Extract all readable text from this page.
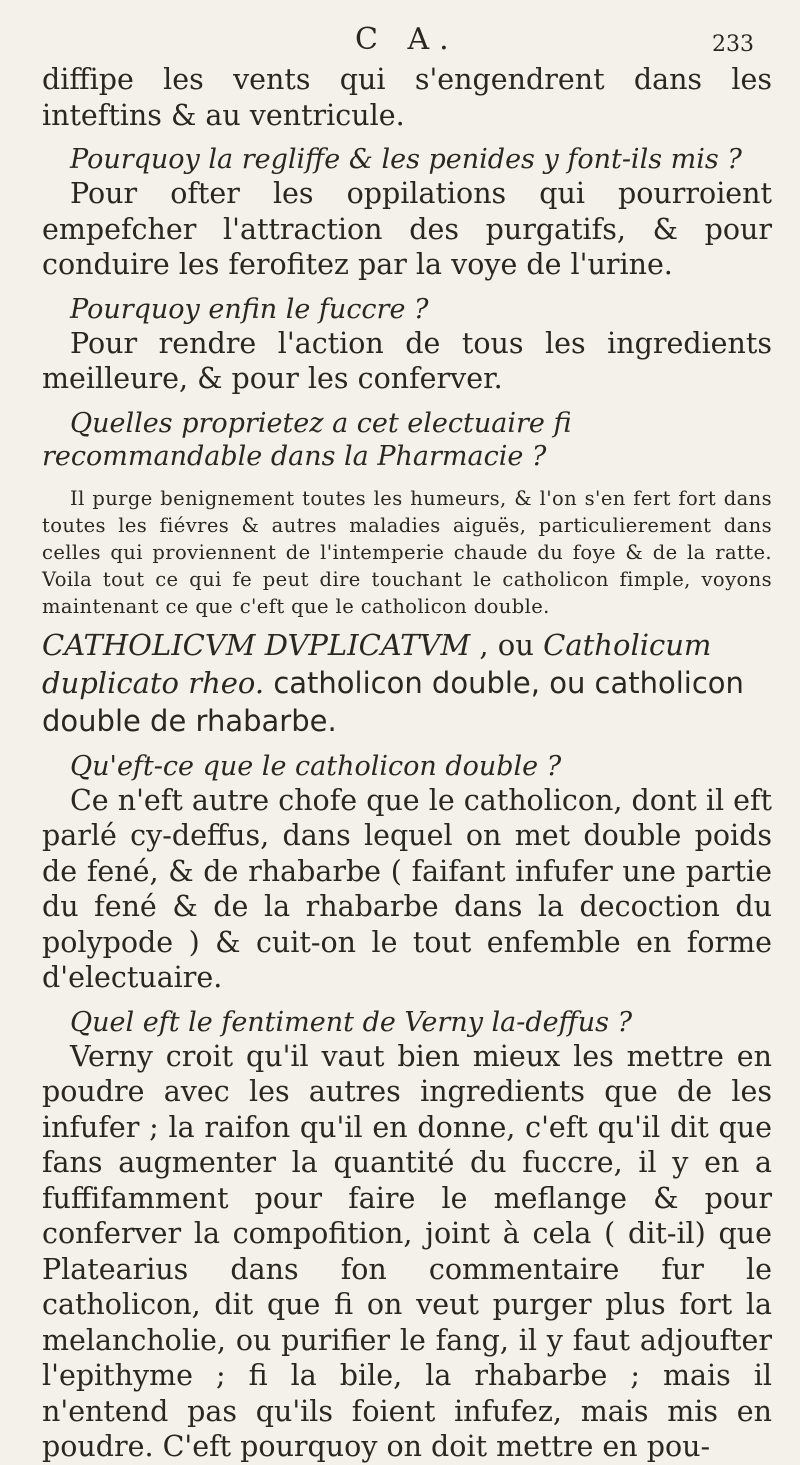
C A.	233

diffipe les vents qui s'engendrent dans les inteftins & au ventricule.

Pourquoy la regliffe & les penides y font-ils mis ?

Pour ofter les oppilations qui pourroient empefcher l'attraction des purgatifs, & pour conduire les ferofitez par la voye de l'urine.

Pourquoy enfin le fuccre ?

Pour rendre l'action de tous les ingredients meilleure, & pour les conferver.

Quelles proprietez a cet electuaire fi recommandable dans la Pharmacie ?

Il purge benignement toutes les humeurs, & l'on s'en fert fort dans toutes les fiévres & autres maladies aiguës, particulierement dans celles qui proviennent de l'intemperie chaude du foye & de la ratte. Voila tout ce qui fe peut dire touchant le catholicon fimple, voyons maintenant ce que c'eft que le catholicon double.

CATHOLICVM DVPLICATVM , ou Catholicum duplicato rheo. catholicon double, ou catholicon double de rhabarbe.

Qu'eft-ce que le catholicon double ?

Ce n'eft autre chofe que le catholicon, dont il eft parlé cy-deffus, dans lequel on met double poids de fené, & de rhabarbe ( faifant infufer une partie du fené & de la rhabarbe dans la decoction du polypode ) & cuit-on le tout enfemble en forme d'electuaire.

Quel eft le fentiment de Verny la-deffus ?

Verny croit qu'il vaut bien mieux les mettre en poudre avec les autres ingredients que de les infufer ; la raifon qu'il en donne, c'eft qu'il dit que fans augmenter la quantité du fuccre, il y en a fuffifamment pour faire le meflange & pour conferver la compofition, joint à cela ( dit-il) que Platearius dans fon commentaire fur le catholicon, dit que fi on veut purger plus fort la melancholie, ou purifier le fang, il y faut adjoufter l'epithyme ; fi la bile, la rhabarbe ; mais il n'entend pas qu'ils foient infufez, mais mis en poudre. C'eft pourquoy on doit mettre en pou-
